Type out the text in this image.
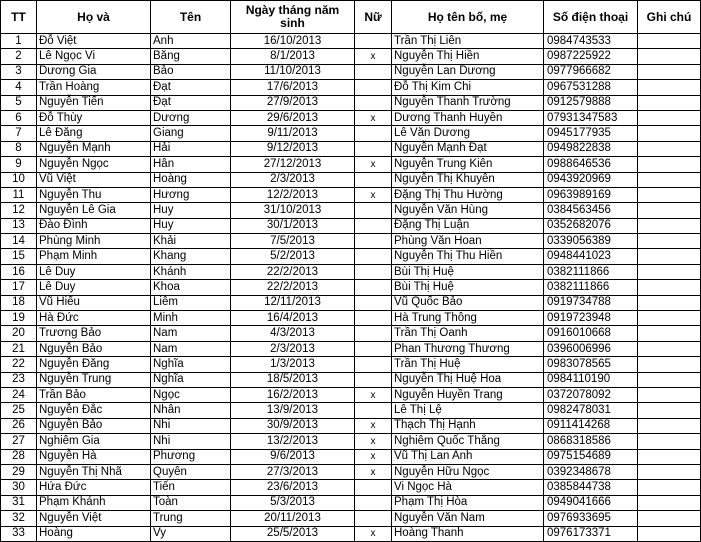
TT	Họ và	Tên	Ngày tháng năm sinh	Nữ	Họ tên bố, mẹ	Số điện thoại	Ghi chú
1	Đỗ Việt	Anh	16/10/2013		Trần Thị Liên	0984743533	
2	Lê Ngọc Vi	Băng	8/1/2013	x	Nguyễn Thị Hiền	0987225922	
3	Dương Gia	Bảo	11/10/2013		Nguyễn Lan Dương	0977966682	
4	Trần Hoàng	Đạt	17/6/2013		Đỗ Thị Kim Chi	0967531288	
5	Nguyễn Tiến	Đạt	27/9/2013		Nguyễn Thanh Trường	0912579888	
6	Đỗ Thùy	Dương	29/6/2013	x	Dương Thanh Huyền	07931347583	
7	Lê Đăng	Giang	9/11/2013		Lê Văn Dương	0945177935	
8	Nguyễn Mạnh	Hải	9/12/2013		Nguyễn Mạnh Đạt	0949822838	
9	Nguyễn Ngọc	Hân	27/12/2013	x	Nguyễn Trung Kiên	0988646536	
10	Vũ Việt	Hoàng	2/3/2013		Nguyễn Thị Khuyên	0943920969	
11	Nguyễn Thu	Hương	12/2/2013	x	Đặng Thị Thu Hường	0963989169	
12	Nguyễn Lê Gia	Huy	31/10/2013		Nguyễn Văn Hùng	0384563456	
13	Đào Đình	Huy	30/1/2013		Đặng Thị Luận	0352682076	
14	Phùng Minh	Khải	7/5/2013		Phùng Văn Hoan	0339056389	
15	Phạm Minh	Khang	5/2/2013		Nguyễn Thị Thu Hiền	0948441023	
16	Lê Duy	Khánh	22/2/2013		Bùi Thị Huệ	0382111866	
17	Lê Duy	Khoa	22/2/2013		Bùi Thị Huệ	0382111866	
18	Vũ Hiếu	Liêm	12/11/2013		Vũ Quốc Bảo	0919734788	
19	Hà Đức	Minh	16/4/2013		Hà Trung Thông	0919723948	
20	Trương Bảo	Nam	4/3/2013		Trần Thị Oanh	0916010668	
21	Nguyễn Bảo	Nam	2/3/2013		Phan Thương Thương	0396006996	
22	Nguyễn Đăng	Nghĩa	1/3/2013		Trần Thị Huệ	0983078565	
23	Nguyễn Trung	Nghĩa	18/5/2013		Nguyễn Thị Huệ Hoa	0984110190	
24	Trần Bảo	Ngọc	16/2/2013	x	Nguyễn Huyền Trang	0372078092	
25	Nguyễn Đắc	Nhân	13/9/2013		Lê Thị Lệ	0982478031	
26	Nguyễn Bảo	Nhi	30/9/2013	x	Thạch Thị Hạnh	0911414268	
27	Nghiêm Gia	Nhi	13/2/2013	x	Nghiêm Quốc Thắng	0868318586	
28	Nguyễn Hà	Phương	9/6/2013	x	Vũ Thị Lan Anh	0975154689	
29	Nguyễn Thị Nhã	Quyên	27/3/2013	x	Nguyễn Hữu Ngọc	0392348678	
30	Hứa Đức	Tiến	23/6/2013		Vi Ngọc Hà	0385844738	
31	Phạm Khánh	Toàn	5/3/2013		Phạm Thị Hòa	0949041666	
32	Nguyễn Việt	Trung	20/11/2013		Nguyễn Văn Nam	0976933695	
33	Hoàng	Vy	25/5/2013	x	Hoàng Thanh	0976173371	
